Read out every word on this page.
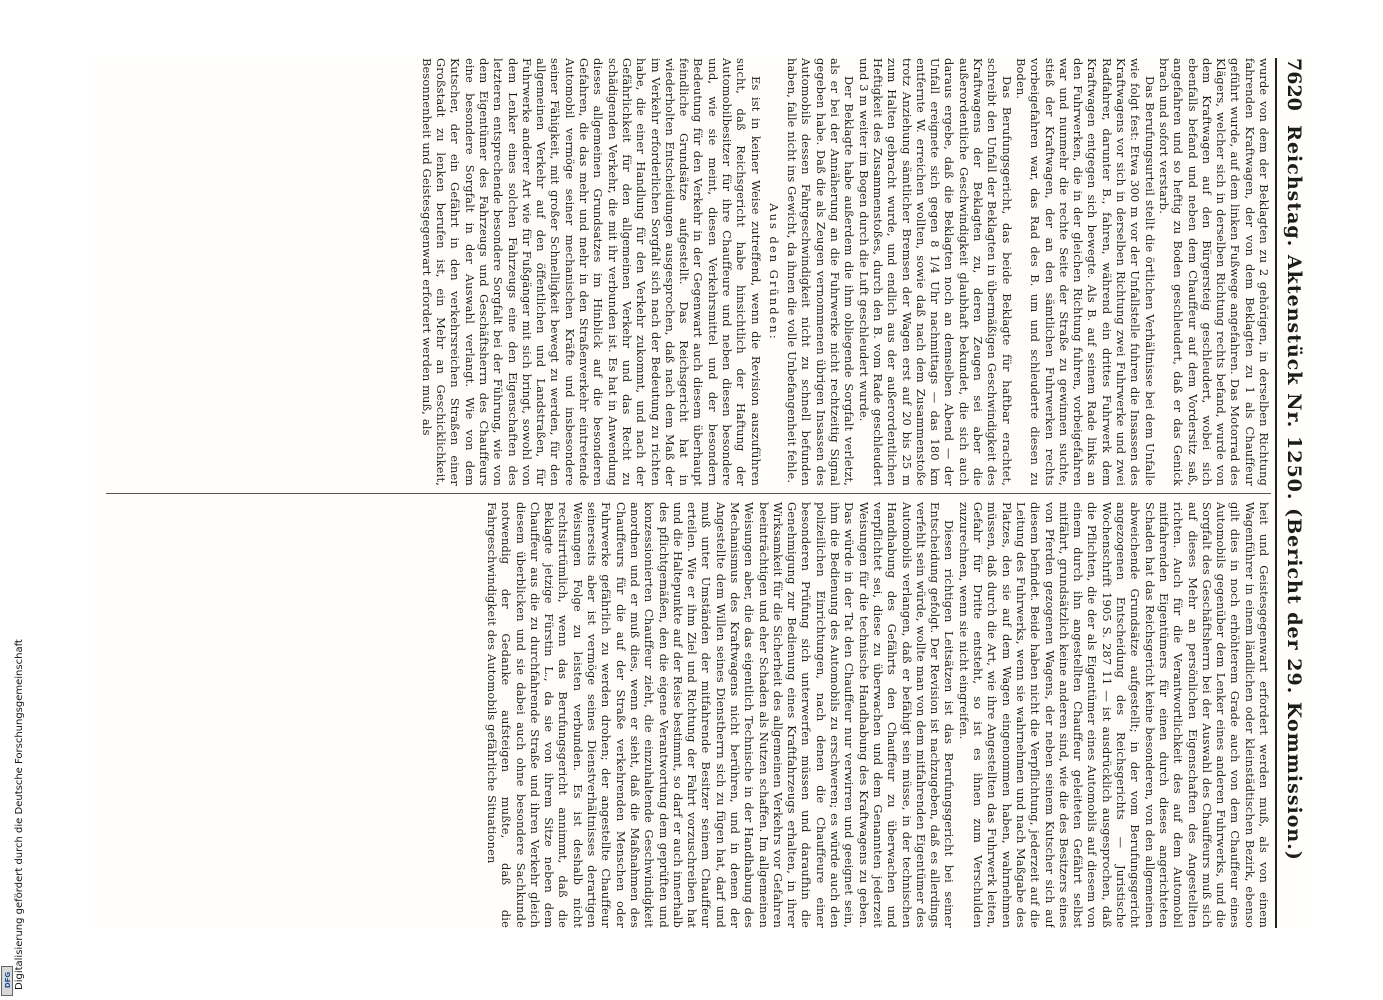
7620
Reichstag. Aktenstück Nr. 1250. (Bericht der 29. Kommission.)

wurde von dem der Beklagten zu 2 gehörigen, in derselben Richtung fahrenden Kraftwagen, der von dem Beklagten zu 1 als Chauffeur geführt wurde, auf dem linken Fußwege angefahren. Das Motorrad des Klägers, welcher sich in derselben Richtung rechts befand, wurde von dem Kraftwagen auf den Bürgersteig geschleudert, wobei sich ebenfalls befand und neben dem Chauffeur auf dem Vordersitz saß, angefahren und so heftig zu Boden geschleudert, daß er das Genick brach und sofort verstarb.

Das Berufungsurteil stellt die örtlichen Verhältnisse bei dem Unfalle wie folgt fest: Etwa 300 m vor der Unfallstelle fuhren die Insassen des Kraftwagens vor sich in derselben Richtung zwei Fuhrwerke und zwei Radfahrer, darunter B., fahren, während ein drittes Fuhrwerk dem Kraftwagen entgegen sich bewegte. Als B. auf seinem Rade links an den Fuhrwerken, die in der gleichen Richtung fuhren, vorbeigefahren war und nunmehr die rechte Seite der Straße zu gewinnen suchte, stieß der Kraftwagen, der an den sämtlichen Fuhrwerken rechts vorbeigefahren war, das Rad des B. um und schleuderte diesen zu Boden.

Das Berufungsgericht, das beide Beklagte für haftbar erachtet, schreibt den Unfall der Beklagten in übermäßigen Geschwindigkeit des Kraftwagens der Beklagten zu, deren Zeugen sei aber die außerordentliche Geschwindigkeit glaubhaft bekundet, die sich auch daraus ergebe, daß die Beklagten noch an demselben Abend — der Unfall ereignete sich gegen 8 1/4 Uhr nachmittags — das 180 km entfernte W. erreichen wollten, sowie daß nach dem Zusammenstoße trotz Anziehung sämtlicher Bremsen der Wagen erst auf 20 bis 25 m zum Halten gebracht wurde, und endlich aus der außerordentlichen Heftigkeit des Zusammenstoßes, durch den B. vom Rade geschleudert und 3 m weiter im Bogen durch die Luft geschleudert wurde.

Der Beklagte habe außerdem die ihm obliegende Sorgfalt verletzt, als er bei der Annäherung an die Fuhrwerke nicht rechtzeitig Signal gegeben habe. Daß die als Zeugen vernommenen übrigen Insassen des Automobils dessen Fahrgeschwindigkeit nicht zu schnell befunden haben, falle nicht ins Gewicht, da ihnen die volle Unbefangenheit fehle.

Aus den Gründen:

Es ist in keiner Weise zutreffend, wenn die Revision auszuführen sucht, daß Reichsgericht habe hinsichtlich der Haftung der Automobilbesitzer für ihre Chauffeure und neben diesen besondere und, wie sie meint, diesen Verkehrsmittel und der besondern Bedeutung für den Verkehr in der Gegenwart auch diesem überhaupt feindliche Grundsätze aufgestellt. Das Reichsgericht hat in wiederholten Entscheidungen ausgesprochen, daß nach dem Maß der im Verkehr erforderlichen Sorgfalt sich nach der Bedeutung zu richten habe, die einer Handlung für den Verkehr zukommt, und nach der Gefährlichkeit für den allgemeinen Verkehr und das Recht zu schädigenden Verkehr, die mit ihr verbunden ist. Es hat in Anwendung dieses allgemeinen Grundsatzes im Hinblick auf die besonderen Gefahren, die das mehr und mehr in den Straßenverkehr eintretende Automobil vermöge seiner mechanischen Kräfte und insbesondere seiner Fähigkeit, mit großer Schnelligkeit bewegt zu werden, für den allgemeinen Verkehr auf den öffentlichen und Landstraßen, für Fuhrwerke anderer Art wie für Fußgänger mit sich bringt, sowohl von dem Lenker eines solchen Fahrzeugs eine den Eigenschaften des letzteren entsprechende besondere Sorgfalt bei der Führung, wie von dem Eigentümer des Fahrzeugs und Geschäftsherrn des Chauffeurs eine besondere Sorgfalt in der Auswahl verlangt. Wie von dem Kutscher, der ein Gefährt in den verkehrsreichen Straßen einer Großstadt zu lenken berufen ist, ein Mehr an Geschicklichkeit, Besonnenheit und Geistesgegenwart erfordert werden muß, als

heit und Geistesgegenwart erfordert werden muß, als von einem Wagenführer in einem ländlichen oder kleinstädtischen Bezirk, ebenso gilt dies in noch erhöhterem Grade auch von dem Chauffeur eines Automobils gegenüber dem Lenker eines anderen Fuhrwerks, und die Sorgfalt des Geschäftsherrn bei der Auswahl des Chauffeurs muß sich auf dieses Mehr an persönlichen Eigenschaften des Angestellten richten. Auch für die Verantwortlichkeit des auf dem Automobil mitfahrenden Eigentümers für einen durch dieses angerichteten Schaden hat das Reichsgericht keine besonderen, von den allgemeinen abweichende Grundsätze aufgestellt; in der vom Berufungsgericht angezogenen Entscheidung des Reichsgerichts — Juristische Wochenschrift 1905 S. 287 11 — ist ausdrücklich ausgesprochen, daß die Pflichten, die der als Eigentümer eines Automobils auf diesem von einem durch ihn angestellten Chauffeur geleiteten Gefährt selbst mitfährt, grundsätzlich keine anderen sind, wie die des Besitzers eines von Pferden gezogenen Wagens, der neben seinem Kutscher sich auf diesem befindet. Beide haben nicht die Verpflichtung, jederzeit auf die Leitung des Fuhrwerks, wenn sie wahrnehmen und nach Maßgabe des Platzes, den sie auf dem Wagen eingenommen haben, wahrnehmen müssen, daß durch die Art, wie ihre Angestellten das Fuhrwerk leiten, Gefahr für Dritte entsteht, so ist es ihnen zum Verschulden zuzurechnen, wenn sie nicht eingreifen.

Diesen richtigen Leitsätzen ist das Berufungsgericht bei seiner Entscheidung gefolgt. Der Revision ist nachzugeben, daß es allerdings verfehlt sein würde, wollte man von dem mitfahrenden Eigentümer des Automobils verlangen, daß er befähigt sein müsse, in der technischen Handhabung des Gefährts den Chauffeur zu überwachen und verpflichtet sei, diese zu überwachen und dem Genannten jederzeit Weisungen für die technische Handhabung des Kraftwagens zu geben. Das würde in der Tat den Chauffeur nur verwirren und geeignet sein, ihm die Bedienung des Automobils zu erschweren; es würde auch den polizeilichen Einrichtungen, nach denen die Chauffeure einer besonderen Prüfung sich unterwerfen müssen und daraufhin die Genehmigung zur Bedienung eines Kraftfahrzeugs erhalten, in ihrer Wirksamkeit für die Sicherheit des allgemeinen Verkehrs vor Gefahren beeinträchtigen und eher Schaden als Nutzen schaffen. Im allgemeinen Weisungen aber, die das eigentlich Technische in der Handhabung des Mechanismus des Kraftwagens nicht berühren, und in denen der Angestellte dem Willen seines Dienstherrn sich zu fügen hat, darf und muß unter Umständen der mitfahrende Besitzer seinem Chauffeur erteilen. Wie er ihm Ziel und Richtung der Fahrt vorzuschreiben hat und die Haltepunkte auf der Reise bestimmt, so darf er auch innerhalb des pflichtgemäßen, den die eigene Verantwortung dem geprüften und konzessionierten Chauffeur zieht, die einzuhaltende Geschwindigkeit anordnen und er muß dies, wenn er sieht, daß die Maßnahmen des Chauffeurs für die auf der Straße verkehrenden Menschen oder Fuhrwerke gefährlich zu werden drohen; der angestellte Chauffeur seinerseits aber ist vermöge seines Dienstverhältnisses derartigen Weisungen Folge zu leisten verbunden. Es ist deshalb nicht rechtsirrtümlich, wenn das Berufungsgericht annimmt, daß die Beklagte jetzige Fürstin L., da sie von ihrem Sitze neben dem Chauffeur aus die zu durchfahrende Straße und ihren Verkehr gleich diesem überblicken und sie dabei auch ohne besondere Sachkunde notwendig der Gedanke aufsteigen mußte, daß die Fahrgeschwindigkeit des Automobils gefährliche Situationen

Digitalisierung gefördert durch die Deutsche Forschungsgemeinschaft
DFG
